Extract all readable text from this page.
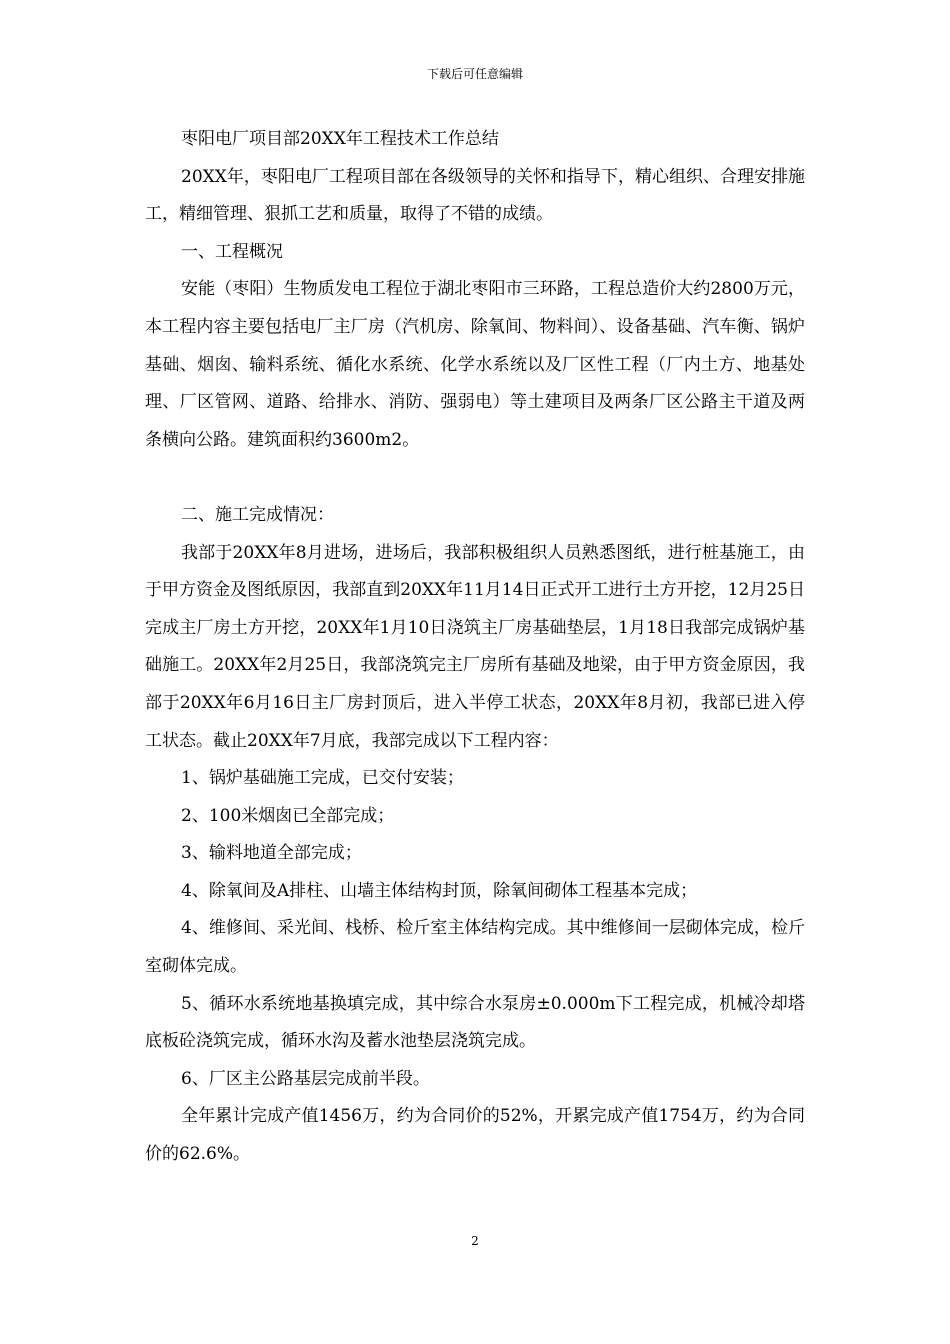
下载后可任意编辑

枣阳电厂项目部20XX年工程技术工作总结

20XX年，枣阳电厂工程项目部在各级领导的关怀和指导下，精心组织、合理安排施工，精细管理、狠抓工艺和质量，取得了不错的成绩。

一、工程概况

安能（枣阳）生物质发电工程位于湖北枣阳市三环路，工程总造价大约2800万元，本工程内容主要包括电厂主厂房（汽机房、除氧间、物料间）、设备基础、汽车衡、锅炉基础、烟囱、输料系统、循化水系统、化学水系统以及厂区性工程（厂内土方、地基处理、厂区管网、道路、给排水、消防、强弱电）等土建项目及两条厂区公路主干道及两条横向公路。建筑面积约3600m2。

二、施工完成情况：

我部于20XX年8月进场，进场后，我部积极组织人员熟悉图纸，进行桩基施工，由于甲方资金及图纸原因，我部直到20XX年11月14日正式开工进行土方开挖，12月25日完成主厂房土方开挖，20XX年1月10日浇筑主厂房基础垫层，1月18日我部完成锅炉基础施工。20XX年2月25日，我部浇筑完主厂房所有基础及地梁，由于甲方资金原因，我部于20XX年6月16日主厂房封顶后，进入半停工状态，20XX年8月初，我部已进入停工状态。截止20XX年7月底，我部完成以下工程内容：

1、锅炉基础施工完成，已交付安装；

2、100米烟囱已全部完成；

3、输料地道全部完成；

4、除氧间及A排柱、山墙主体结构封顶，除氧间砌体工程基本完成；

4、维修间、采光间、栈桥、检斤室主体结构完成。其中维修间一层砌体完成，检斤室砌体完成。

5、循环水系统地基换填完成，其中综合水泵房±0.000m下工程完成，机械冷却塔底板砼浇筑完成，循环水沟及蓄水池垫层浇筑完成。

6、厂区主公路基层完成前半段。

全年累计完成产值1456万，约为合同价的52%，开累完成产值1754万，约为合同价的62.6%。

2
